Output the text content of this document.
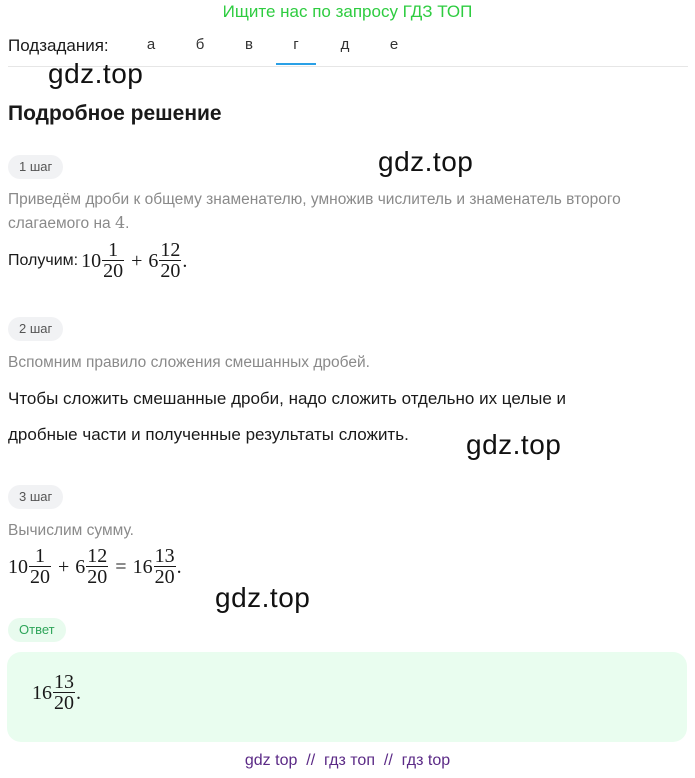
Ищите нас по запросу ГДЗ ТОП
Подзадания:	а	б	в	г	д	е
gdz.top
Подробное решение
gdz.top
1 шаг
Приведём дроби к общему знаменателю, умножив числитель и знаменатель второго слагаемого на 4.
Получим: $10 \frac{1}{20} + 6 \frac{12}{20}$ .
2 шаг
Вспомним правило сложения смешанных дробей.
Чтобы сложить смешанные дроби, надо сложить отдельно их целые и
дробные части и полученные результаты сложить.	gdz.top
3 шаг
Вычислим сумму.
$10 \frac{1}{20} + 6 \frac{12}{20} = 16 \frac{13}{20}$ .
gdz.top
Ответ
$16 \frac{13}{20}$ .
gdz top  //  гдз топ  //  гдз top
